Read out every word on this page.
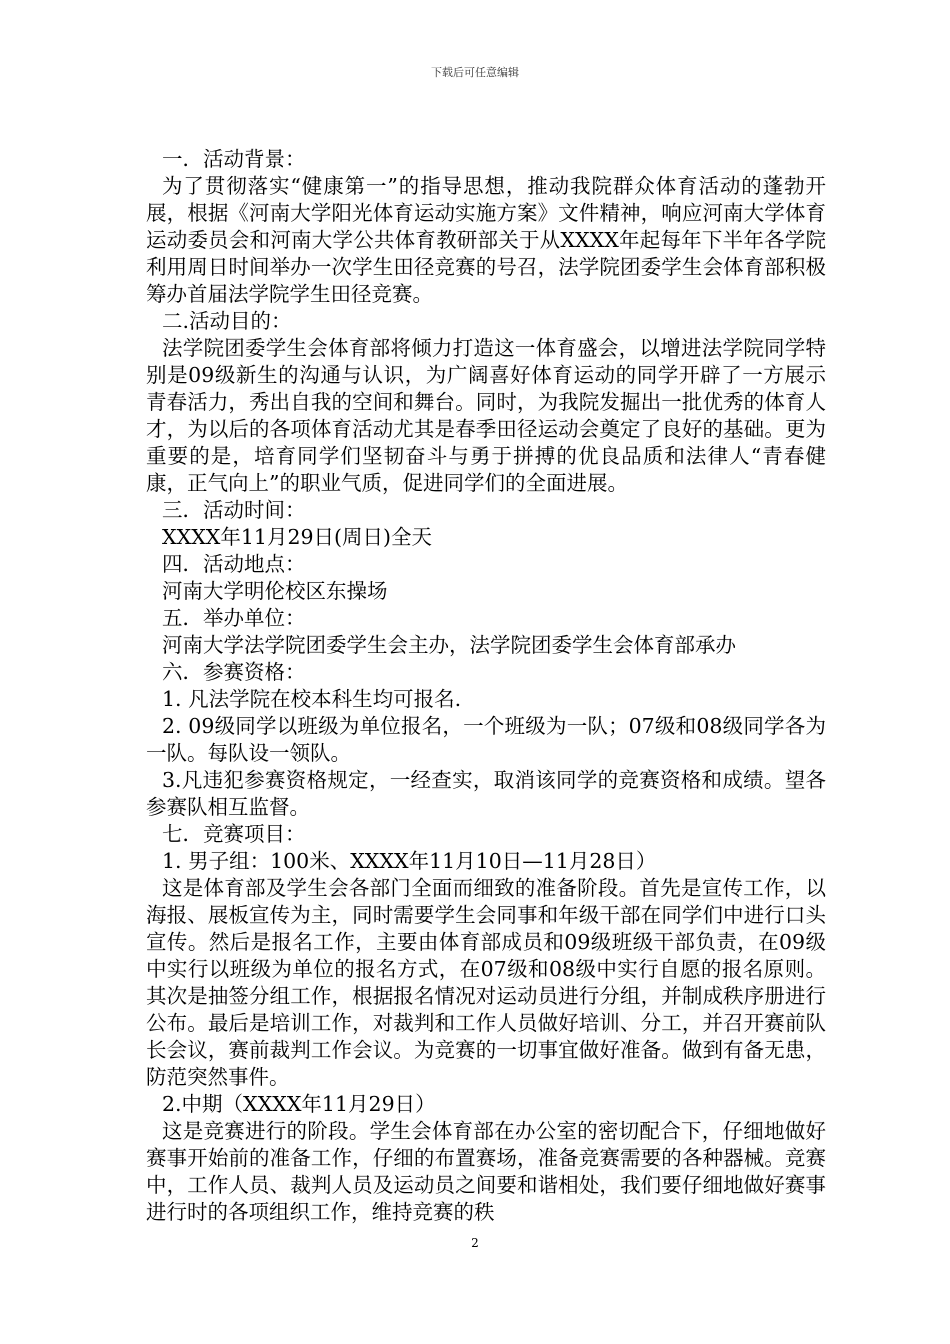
下载后可任意编辑

一．活动背景：

为了贯彻落实“健康第一”的指导思想，推动我院群众体育活动的蓬勃开展，根据《河南大学阳光体育运动实施方案》文件精神，响应河南大学体育运动委员会和河南大学公共体育教研部关于从XXXX年起每年下半年各学院利用周日时间举办一次学生田径竞赛的号召，法学院团委学生会体育部积极筹办首届法学院学生田径竞赛。

二.活动目的：

法学院团委学生会体育部将倾力打造这一体育盛会，以增进法学院同学特别是09级新生的沟通与认识，为广阔喜好体育运动的同学开辟了一方展示青春活力，秀出自我的空间和舞台。同时，为我院发掘出一批优秀的体育人才，为以后的各项体育活动尤其是春季田径运动会奠定了良好的基础。更为重要的是，培育同学们坚韧奋斗与勇于拼搏的优良品质和法律人“青春健康，正气向上”的职业气质，促进同学们的全面进展。

三．活动时间：

XXXX年11月29日(周日)全天

四．活动地点：

河南大学明伦校区东操场

五．举办单位：

河南大学法学院团委学生会主办，法学院团委学生会体育部承办

六．参赛资格：

1. 凡法学院在校本科生均可报名.

2. 09级同学以班级为单位报名，一个班级为一队；07级和08级同学各为一队。每队设一领队。

3.凡违犯参赛资格规定，一经查实，取消该同学的竞赛资格和成绩。望各参赛队相互监督。

七．竞赛项目：

1. 男子组：100米、XXXX年11月10日—11月28日）

这是体育部及学生会各部门全面而细致的准备阶段。首先是宣传工作，以海报、展板宣传为主，同时需要学生会同事和年级干部在同学们中进行口头宣传。然后是报名工作，主要由体育部成员和09级班级干部负责，在09级中实行以班级为单位的报名方式，在07级和08级中实行自愿的报名原则。其次是抽签分组工作，根据报名情况对运动员进行分组，并制成秩序册进行公布。最后是培训工作，对裁判和工作人员做好培训、分工，并召开赛前队长会议，赛前裁判工作会议。为竞赛的一切事宜做好准备。做到有备无患，防范突然事件。

2.中期（XXXX年11月29日）

这是竞赛进行的阶段。学生会体育部在办公室的密切配合下，仔细地做好赛事开始前的准备工作，仔细的布置赛场，准备竞赛需要的各种器械。竞赛中，工作人员、裁判人员及运动员之间要和谐相处，我们要仔细地做好赛事进行时的各项组织工作，维持竞赛的秩

2
